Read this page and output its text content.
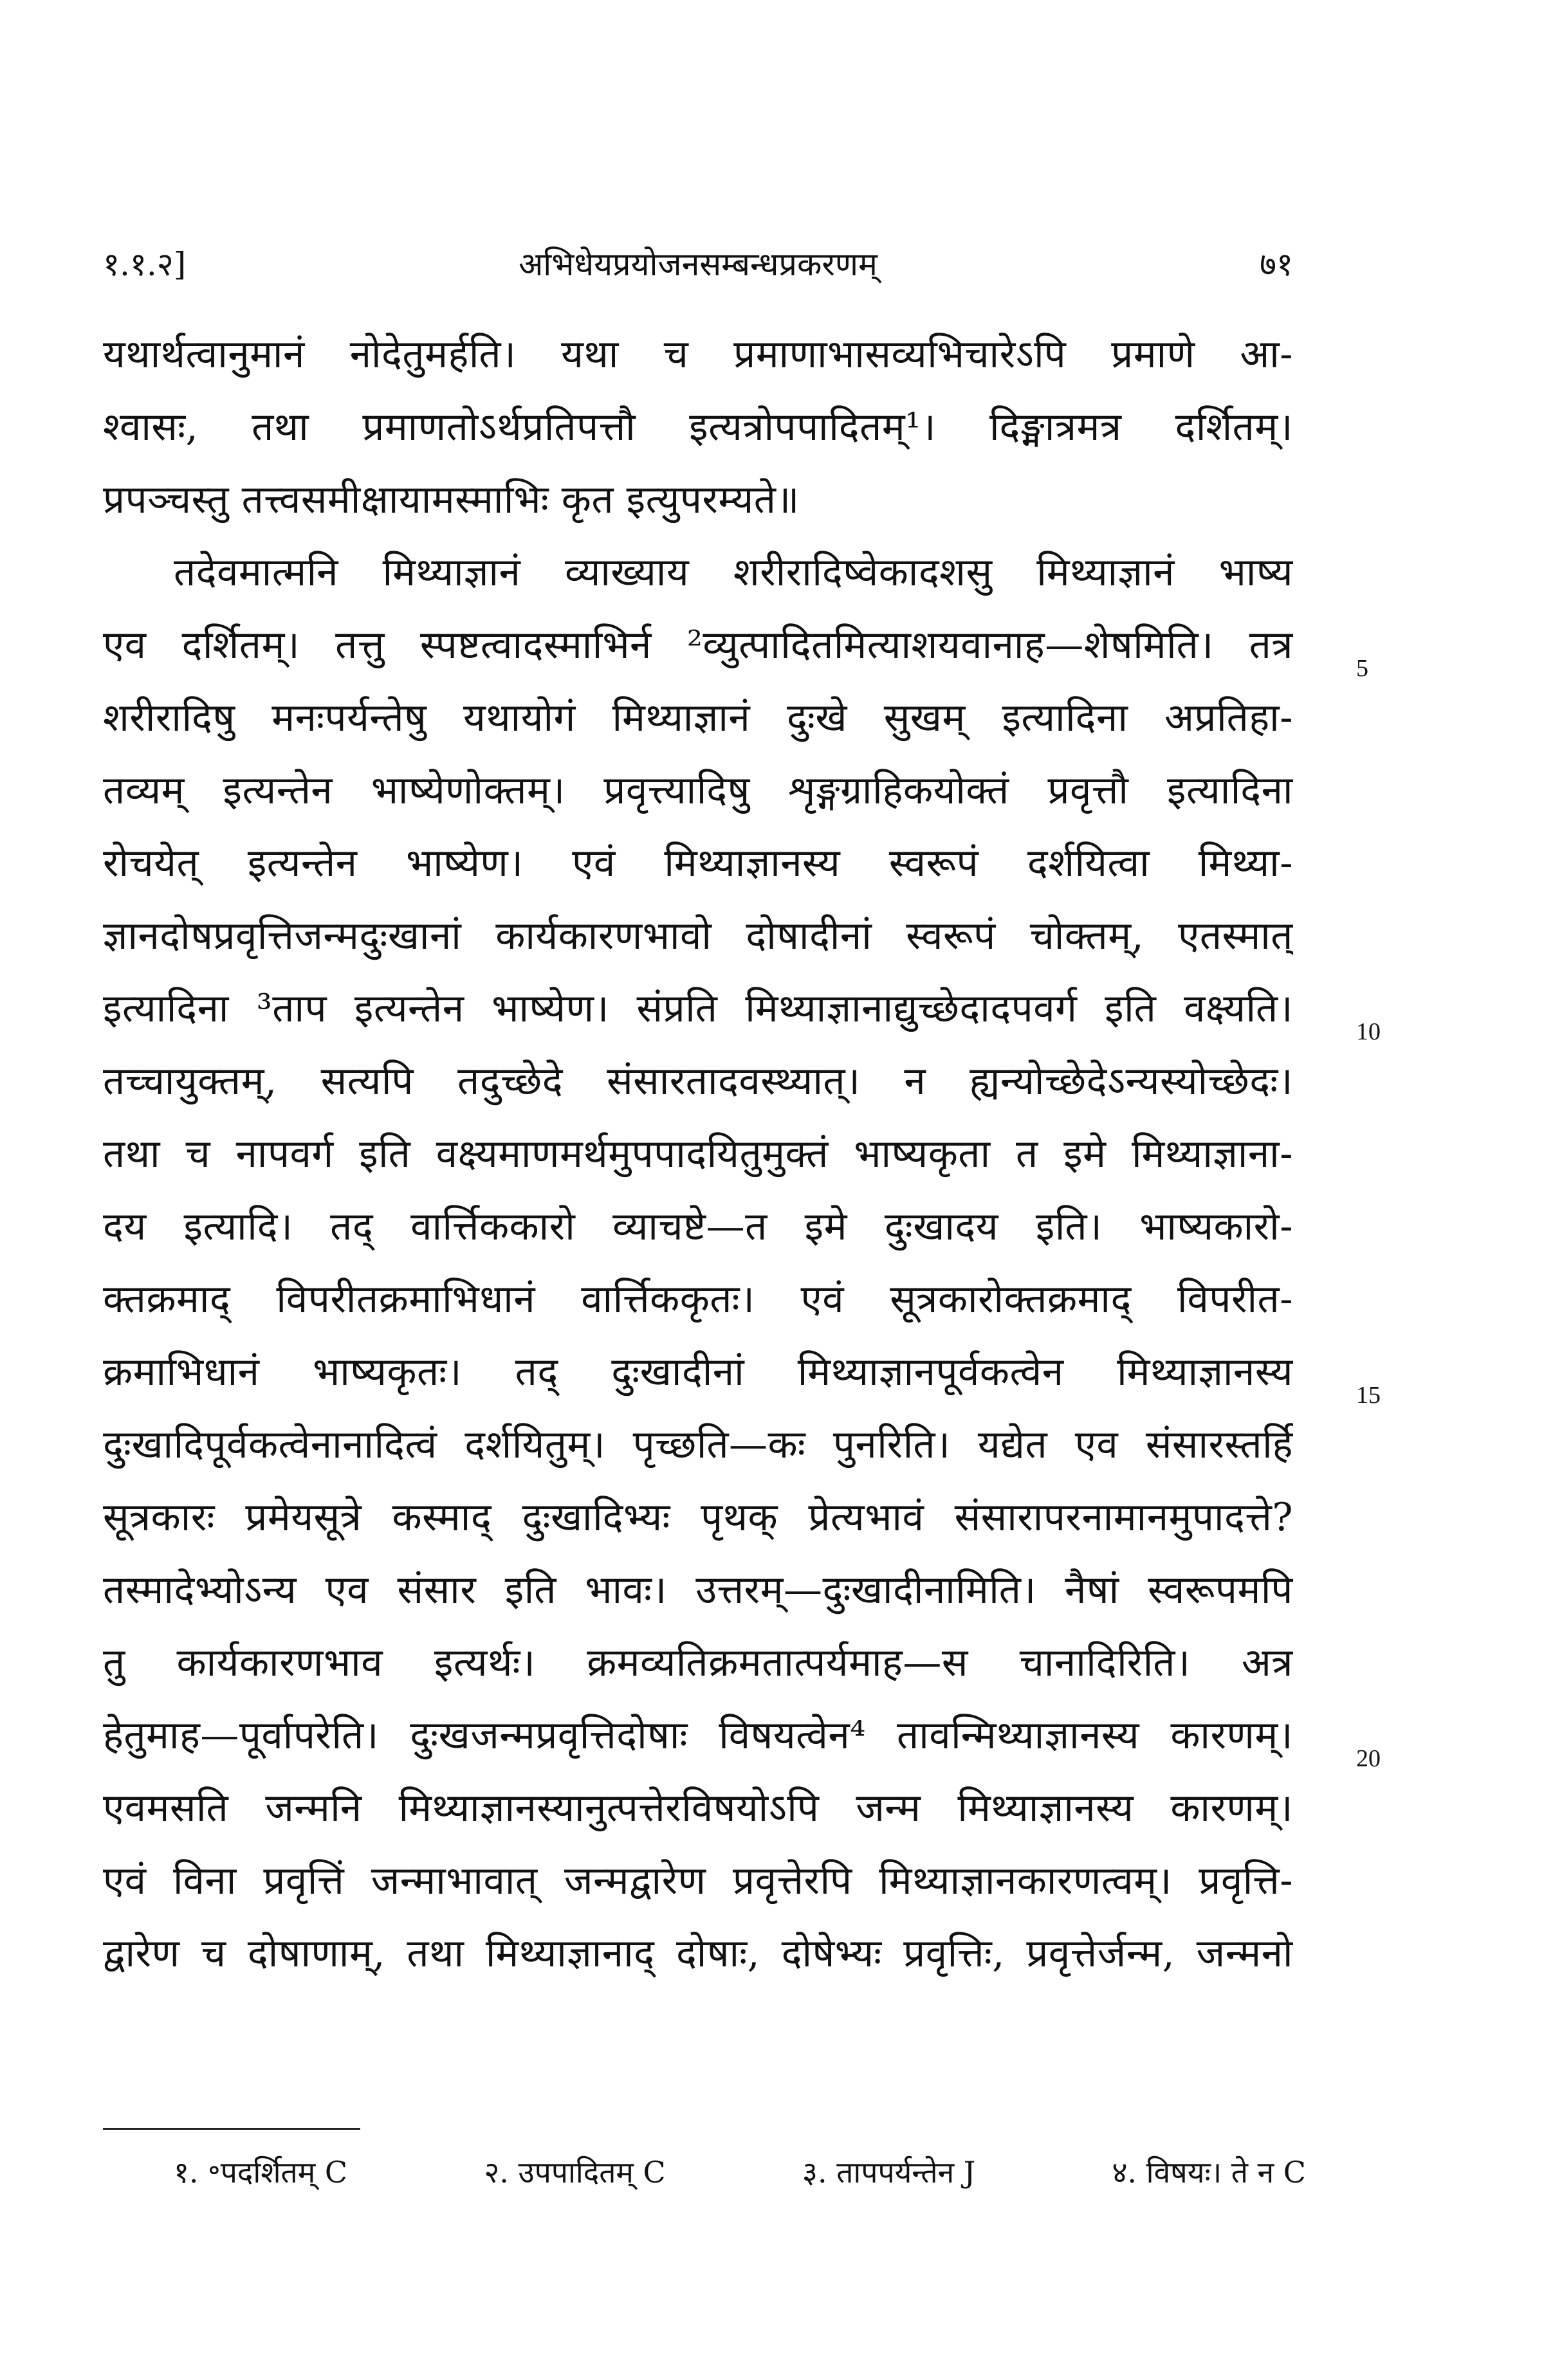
१.१.२]	अभिधेयप्रयोजनसम्बन्धप्रकरणम्	७१
यथार्थत्वानुमानं नोदेतुमर्हति। यथा च प्रमाणाभासव्यभिचारेऽपि प्रमाणे आ-
श्वासः, तथा प्रमाणतोऽर्थप्रतिपत्तौ इत्यत्रोपपादितम्¹। दिङ्मात्रमत्र दर्शितम्।
प्रपञ्चस्तु तत्त्वसमीक्षायामस्माभिः कृत इत्युपरम्यते॥
तदेवमात्मनि मिथ्याज्ञानं व्याख्याय शरीरादिष्वेकादशसु मिथ्याज्ञानं भाष्य
एव दर्शितम्। तत्तु स्पष्टत्वादस्माभिर्न ²व्युत्पादितमित्याशयवानाह—शेषमिति। तत्र
शरीरादिषु मनःपर्यन्तेषु यथायोगं मिथ्याज्ञानं दुःखे सुखम् इत्यादिना अप्रतिहा-
तव्यम् इत्यन्तेन भाष्येणोक्तम्। प्रवृत्त्यादिषु शृङ्गग्राहिकयोक्तं प्रवृत्तौ इत्यादिना
रोचयेत् इत्यन्तेन भाष्येण। एवं मिथ्याज्ञानस्य स्वरूपं दर्शयित्वा मिथ्या-
ज्ञानदोषप्रवृत्तिजन्मदुःखानां कार्यकारणभावो दोषादीनां स्वरूपं चोक्तम्, एतस्मात्
इत्यादिना ³ताप इत्यन्तेन भाष्येण। संप्रति मिथ्याज्ञानाद्युच्छेदादपवर्ग इति वक्ष्यति।
तच्चायुक्तम्, सत्यपि तदुच्छेदे संसारतादवस्थ्यात्। न ह्यन्योच्छेदेऽन्यस्योच्छेदः।
तथा च नापवर्ग इति वक्ष्यमाणमर्थमुपपादयितुमुक्तं भाष्यकृता त इमे मिथ्याज्ञाना-
दय इत्यादि। तद् वार्त्तिककारो व्याचष्टे—त इमे दुःखादय इति। भाष्यकारो-
क्तक्रमाद् विपरीतक्रमाभिधानं वार्त्तिककृतः। एवं सूत्रकारोक्तक्रमाद् विपरीत-
क्रमाभिधानं भाष्यकृतः। तद् दुःखादीनां मिथ्याज्ञानपूर्वकत्वेन मिथ्याज्ञानस्य
दुःखादिपूर्वकत्वेनानादित्वं दर्शयितुम्। पृच्छति—कः पुनरिति। यद्येत एव संसारस्तर्हि
सूत्रकारः प्रमेयसूत्रे कस्माद् दुःखादिभ्यः पृथक् प्रेत्यभावं संसारापरनामानमुपादत्ते?
तस्मादेभ्योऽन्य एव संसार इति भावः। उत्तरम्—दुःखादीनामिति। नैषां स्वरूपमपि
तु कार्यकारणभाव इत्यर्थः। क्रमव्यतिक्रमतात्पर्यमाह—स चानादिरिति। अत्र
हेतुमाह—पूर्वापरेति। दुःखजन्मप्रवृत्तिदोषाः विषयत्वेन⁴ तावन्मिथ्याज्ञानस्य कारणम्।
एवमसति जन्मनि मिथ्याज्ञानस्यानुत्पत्तेरविषयोऽपि जन्म मिथ्याज्ञानस्य कारणम्।
एवं विना प्रवृत्तिं जन्माभावात् जन्मद्वारेण प्रवृत्तेरपि मिथ्याज्ञानकारणत्वम्। प्रवृत्ति-
द्वारेण च दोषाणाम्, तथा मिथ्याज्ञानाद् दोषाः, दोषेभ्यः प्रवृत्तिः, प्रवृत्तेर्जन्म, जन्मनो
5
10
15
20
१. ॰पदर्शितम् C	२. उपपादितम् C	३. तापपर्यन्तेन J	४. विषयः। ते न C
